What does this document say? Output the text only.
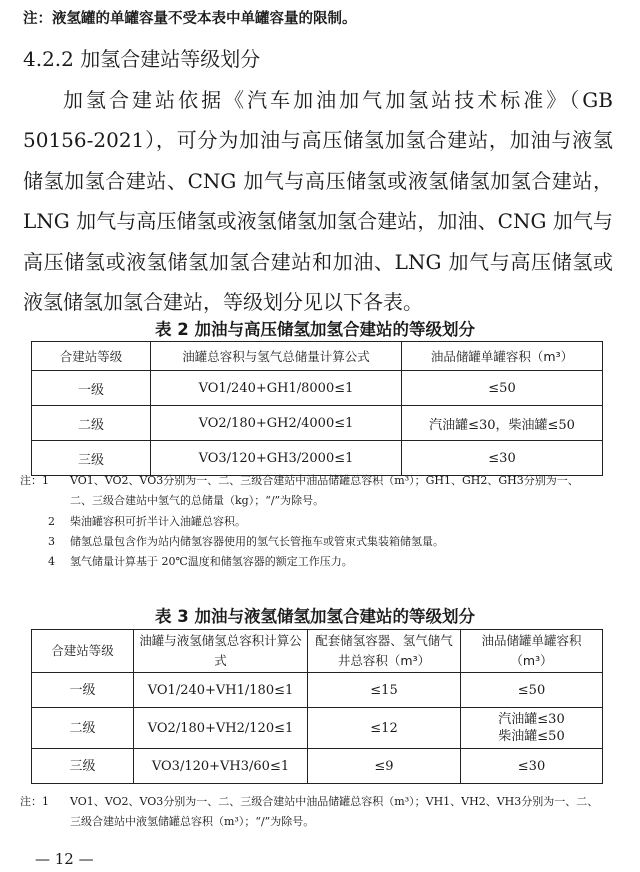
注：液氢罐的单罐容量不受本表中单罐容量的限制。
4.2.2 加氢合建站等级划分
加氢合建站依据《汽车加油加气加氢站技术标准》（GB 50156-2021），可分为加油与高压储氢加氢合建站，加油与液氢储氢加氢合建站、CNG 加气与高压储氢或液氢储氢加氢合建站，LNG 加气与高压储氢或液氢储氢加氢合建站，加油、CNG 加气与高压储氢或液氢储氢加氢合建站和加油、LNG 加气与高压储氢或液氢储氢加氢合建站，等级划分见以下各表。
表 2 加油与高压储氢加氢合建站的等级划分
合建站等级	油罐总容积与氢气总储量计算公式	油品储罐单罐容积（m³）
一级	VO1/240+GH1/8000≤1	≤50
二级	VO2/180+GH2/4000≤1	汽油罐≤30，柴油罐≤50
三级	VO3/120+GH3/2000≤1	≤30
注：1 VO1、VO2、VO3分别为一、二、三级合建站中油品储罐总容积（m³）；GH1、GH2、GH3分别为一、
二、三级合建站中氢气的总储量（kg）；“/”为除号。
2 柴油罐容积可折半计入油罐总容积。
3 储氢总量包含作为站内储氢容器使用的氢气长管拖车或管束式集装箱储氢量。
4 氢气储量计算基于 20℃温度和储氢容器的额定工作压力。
表 3 加油与液氢储氢加氢合建站的等级划分
合建站等级	油罐与液氢储氢总容积计算公式	配套储氢容器、氢气储气井总容积（m³）	油品储罐单罐容积（m³）
一级	VO1/240+VH1/180≤1	≤15	≤50
二级	VO2/180+VH2/120≤1	≤12	汽油罐≤30
柴油罐≤50

三级	VO3/120+VH3/60≤1	≤9	≤30
注：1 VO1、VO2、VO3分别为一、二、三级合建站中油品储罐总容积（m³）；VH1、VH2、VH3分别为一、二、
三级合建站中液氢储罐总容积（m³）；“/”为除号。
— 12 —
